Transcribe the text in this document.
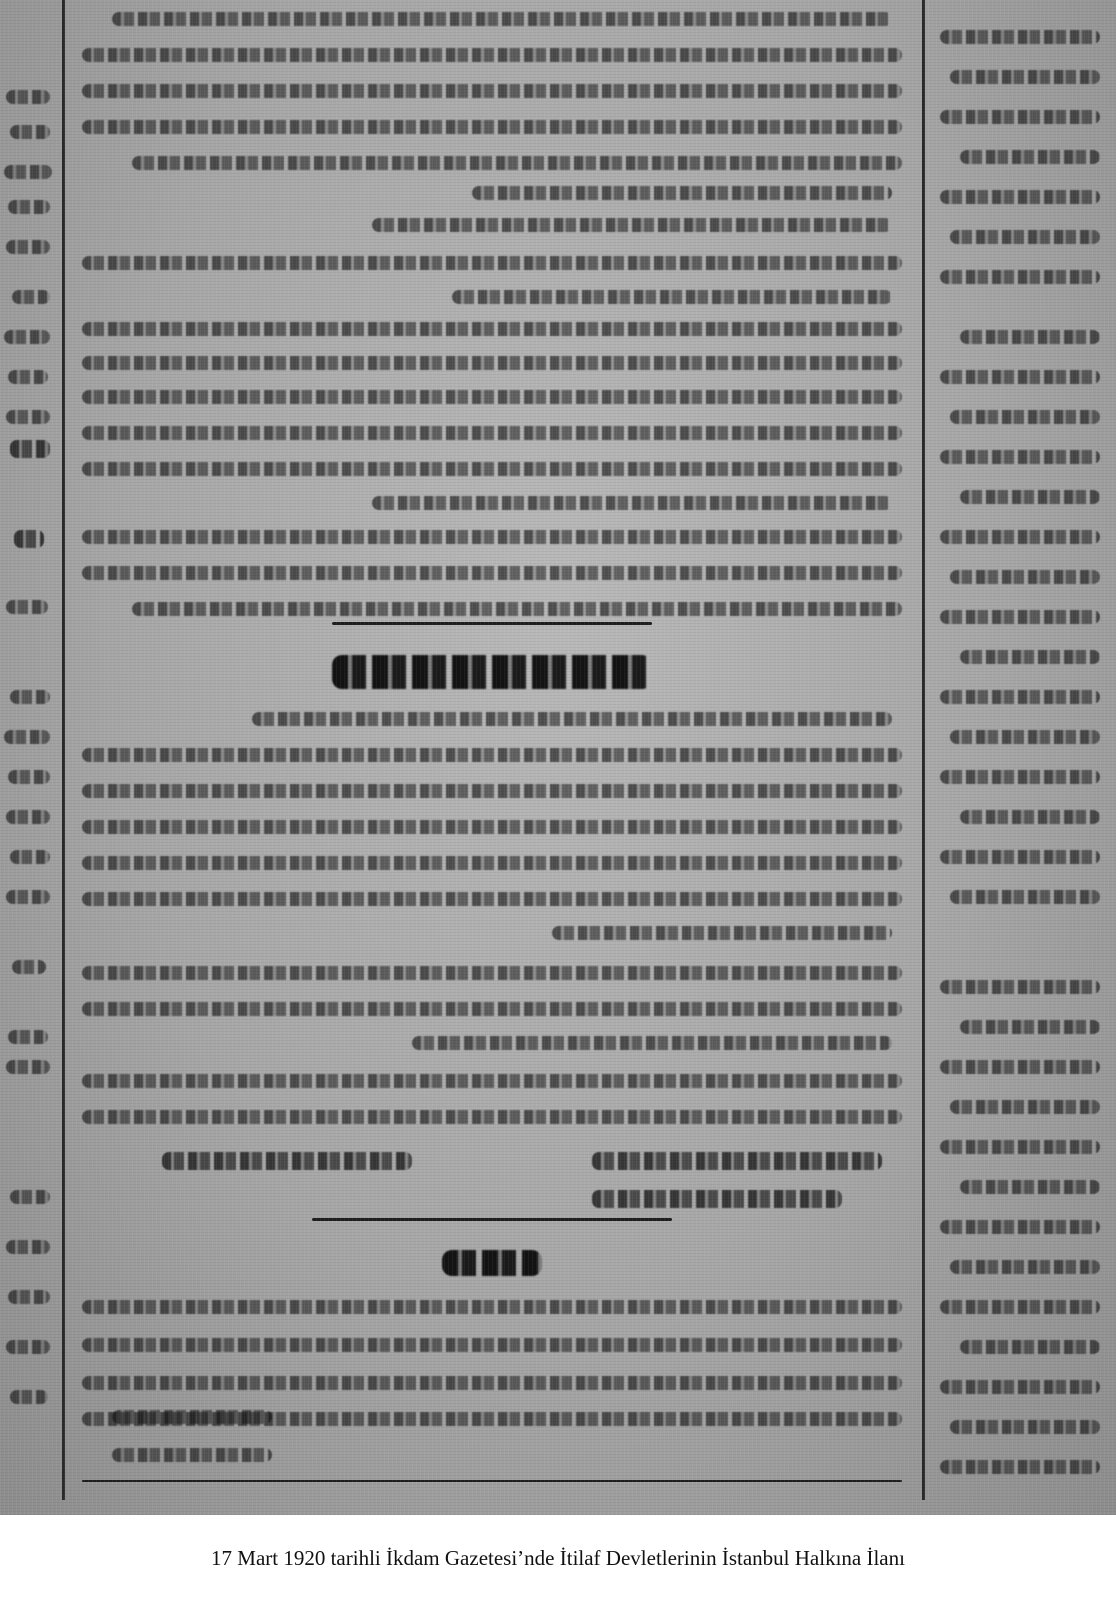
17 Mart 1920 tarihli İkdam Gazetesi’nde İtilaf Devletlerinin İstanbul Halkına İlanı
